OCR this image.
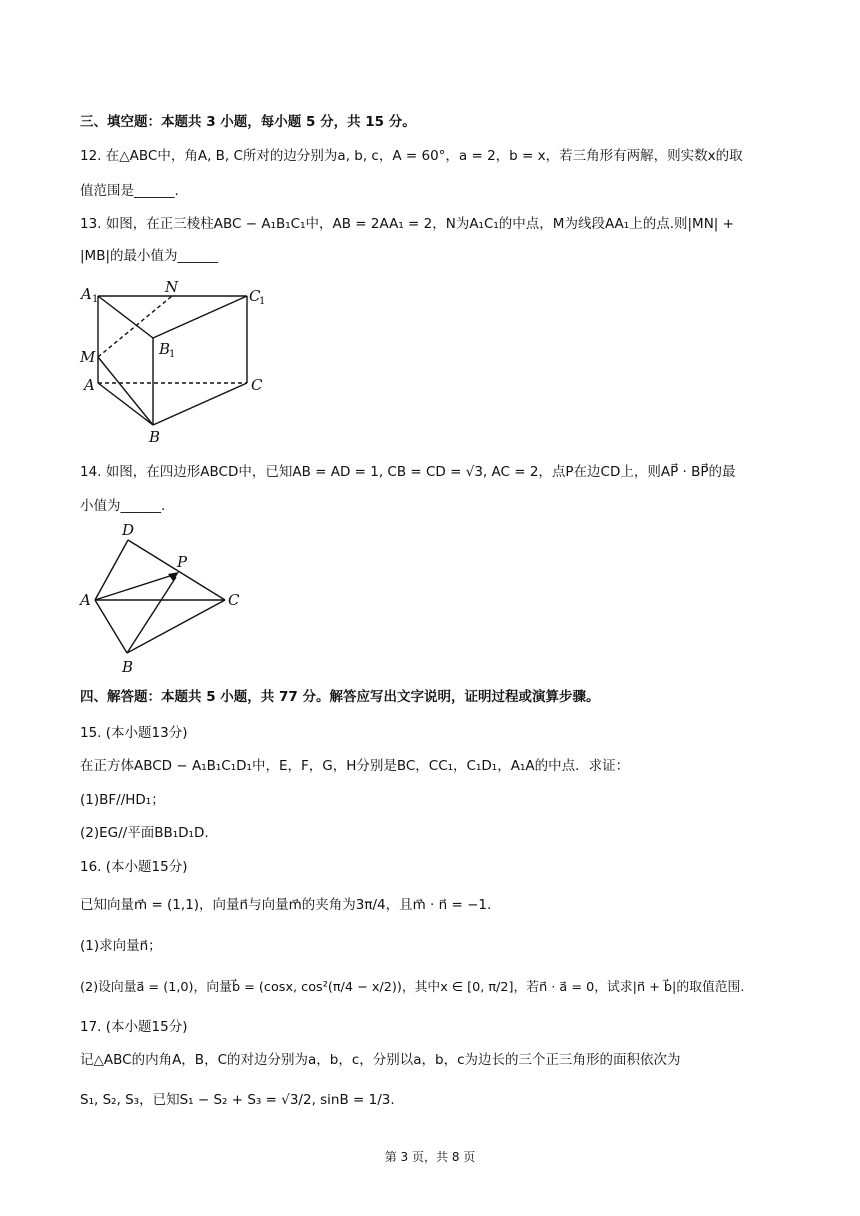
三、填空题：本题共 3 小题，每小题 5 分，共 15 分。
12. 在△ABC中，角A, B, C所对的边分别为a, b, c，A = 60°，a = 2，b = x，若三角形有两解，则实数x的取
值范围是______.
13. 如图，在正三棱柱ABC − A₁B₁C₁中，AB = 2AA₁ = 2，N为A₁C₁的中点，M为线段AA₁上的点.则|MN| +
|MB|的最小值为______
A 1
N	C
1
B
1
M
A	C
B
14. 如图，在四边形ABCD中，已知AB = AD = 1, CB = CD = √3, AC = 2，点P在边CD上，则AP⃗ · BP⃗的最
小值为______.
D
P
A	C
B
四、解答题：本题共 5 小题，共 77 分。解答应写出文字说明，证明过程或演算步骤。
15. (本小题13分)
在正方体ABCD − A₁B₁C₁D₁中，E，F，G，H分别是BC，CC₁，C₁D₁，A₁A的中点．求证：
(1)BF//HD₁；
(2)EG//平面BB₁D₁D.
16. (本小题15分)
已知向量m⃗ = (1,1)，向量n⃗与向量m⃗的夹角为3π/4，且m⃗ · n⃗ = −1.
(1)求向量n⃗；
(2)设向量a⃗ = (1,0)，向量b⃗ = (cosx, cos²(π/4 − x/2))，其中x ∈ [0, π/2]，若n⃗ · a⃗ = 0，试求|n⃗ + b⃗|的取值范围.
17. (本小题15分)
记△ABC的内角A，B，C的对边分别为a，b，c，分别以a，b，c为边长的三个正三角形的面积依次为
S₁, S₂, S₃，已知S₁ − S₂ + S₃ = √3/2, sinB = 1/3.
第 3 页，共 8 页
